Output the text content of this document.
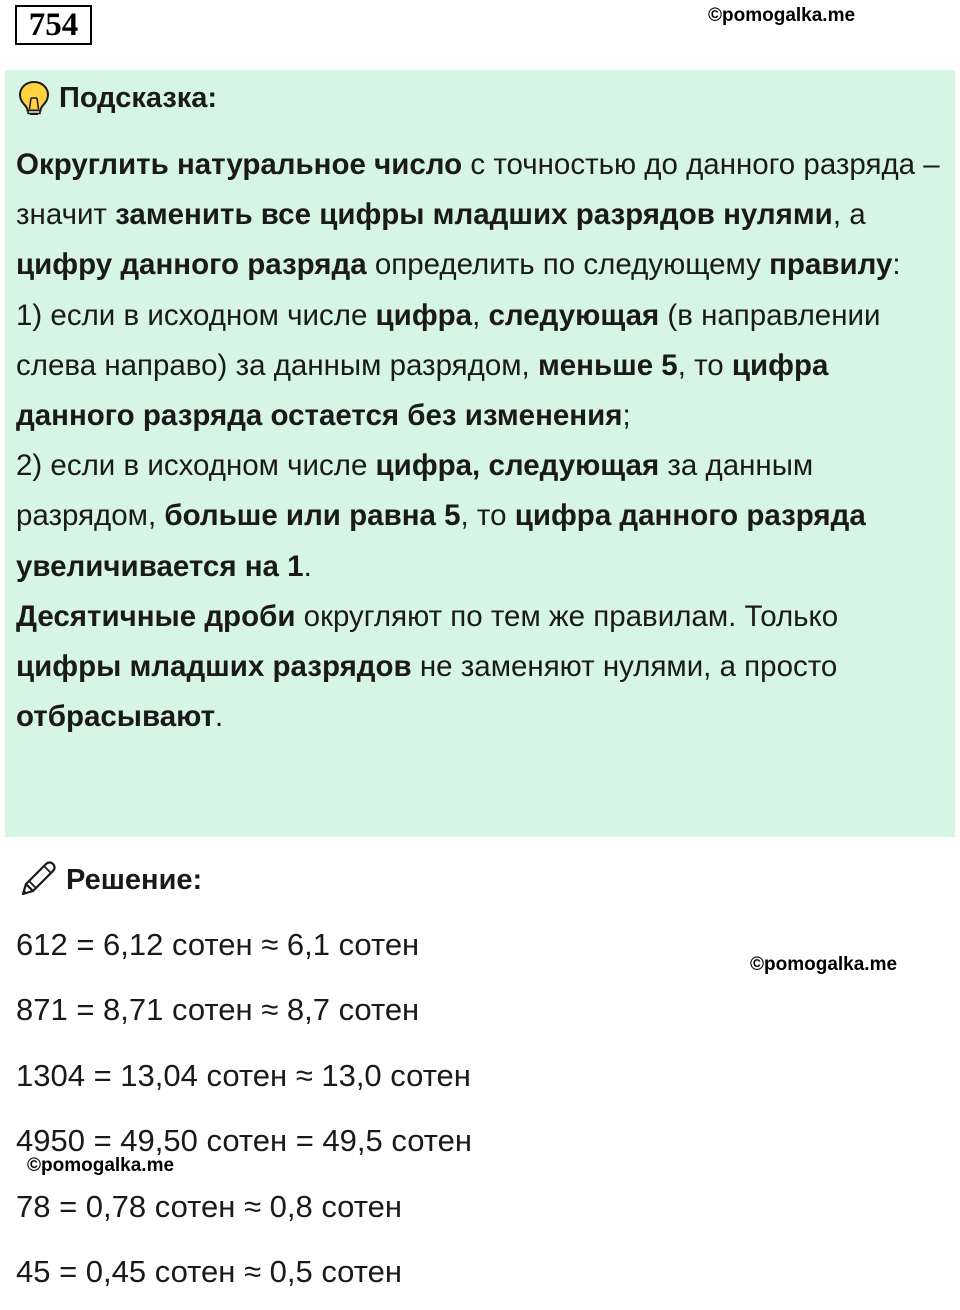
754	©pomogalka.me
Подсказка:

Округлить натуральное число с точностью до данного разряда – значит заменить все цифры младших разрядов нулями, а цифру данного разряда определить по следующему правилу:

1) если в исходном числе цифра, следующая (в направлении слева направо) за данным разрядом, меньше 5, то цифра данного разряда остается без изменения;

2) если в исходном числе цифра, следующая за данным разрядом, больше или равна 5, то цифра данного разряда увеличивается на 1.

Десятичные дроби округляют по тем же правилам. Только цифры младших разрядов не заменяют нулями, а просто отбрасывают.

Решение:
612 = 6,12 сотен ≈ 6,1 сотен
871 = 8,71 сотен ≈ 8,7 сотен
1304 = 13,04 сотен ≈ 13,0 сотен
4950 = 49,50 сотен = 49,5 сотен
78 = 0,78 сотен ≈ 0,8 сотен
45 = 0,45 сотен ≈ 0,5 сотен
©pomogalka.me
©pomogalka.me
